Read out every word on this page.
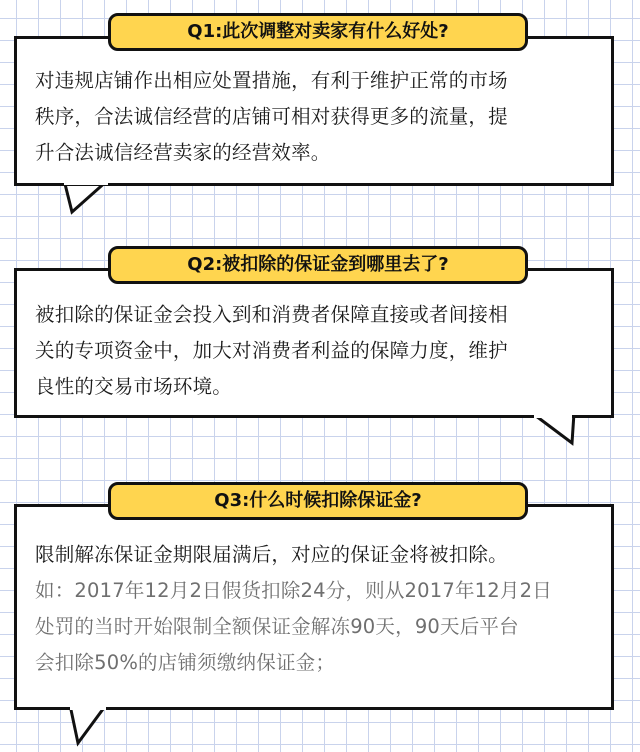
对违规店铺作出相应处置措施，有利于维护正常的市场

秩序，合法诚信经营的店铺可相对获得更多的流量，提

升合法诚信经营卖家的经营效率。

Q1:此次调整对卖家有什么好处?

被扣除的保证金会投入到和消费者保障直接或者间接相

关的专项资金中，加大对消费者利益的保障力度，维护

良性的交易市场环境。

Q2:被扣除的保证金到哪里去了?

限制解冻保证金期限届满后，对应的保证金将被扣除。

如：2017年12月2日假货扣除24分，则从2017年12月2日

处罚的当时开始限制全额保证金解冻90天，90天后平台

会扣除50%的店铺须缴纳保证金；

Q3:什么时候扣除保证金?
